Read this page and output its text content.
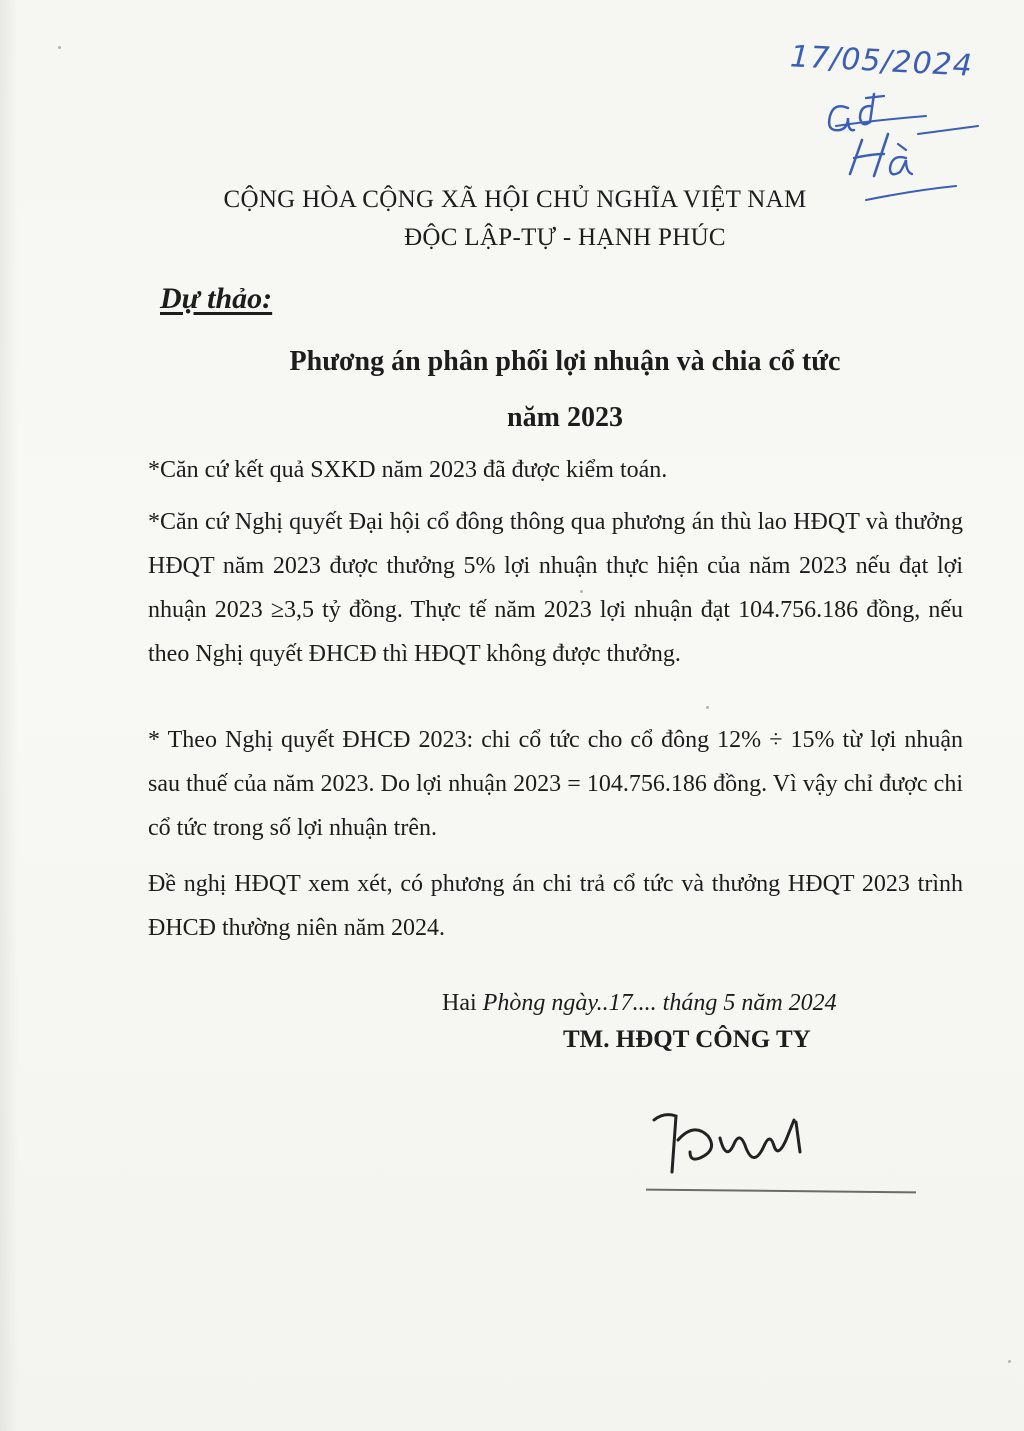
17/05/2024
CỘNG HÒA CỘNG XÃ HỘI CHỦ NGHĨA VIỆT NAM
ĐỘC LẬP-TỰ - HẠNH PHÚC
Dự thảo:
Phương án phân phối lợi nhuận và chia cổ tức
năm 2023
*Căn cứ kết quả SXKD năm 2023 đã được kiểm toán.
*Căn cứ Nghị quyết Đại hội cổ đông thông qua phương án thù lao HĐQT và thưởng HĐQT năm 2023 được thưởng 5% lợi nhuận thực hiện của năm 2023 nếu đạt lợi nhuận 2023 ≥3,5 tỷ đồng. Thực tế năm 2023 lợi nhuận đạt 104.756.186 đồng, nếu theo Nghị quyết ĐHCĐ thì HĐQT không được thưởng.
* Theo Nghị quyết ĐHCĐ 2023: chi cổ tức cho cổ đông 12% ÷ 15% từ lợi nhuận sau thuế của năm 2023. Do lợi nhuận 2023 = 104.756.186 đồng. Vì vậy chỉ được chi cổ tức trong số lợi nhuận trên.
Đề nghị HĐQT xem xét, có phương án chi trả cổ tức và thưởng HĐQT 2023 trình ĐHCĐ thường niên năm 2024.
Hai Phòng ngày..17.... tháng 5 năm 2024
TM. HĐQT CÔNG TY
